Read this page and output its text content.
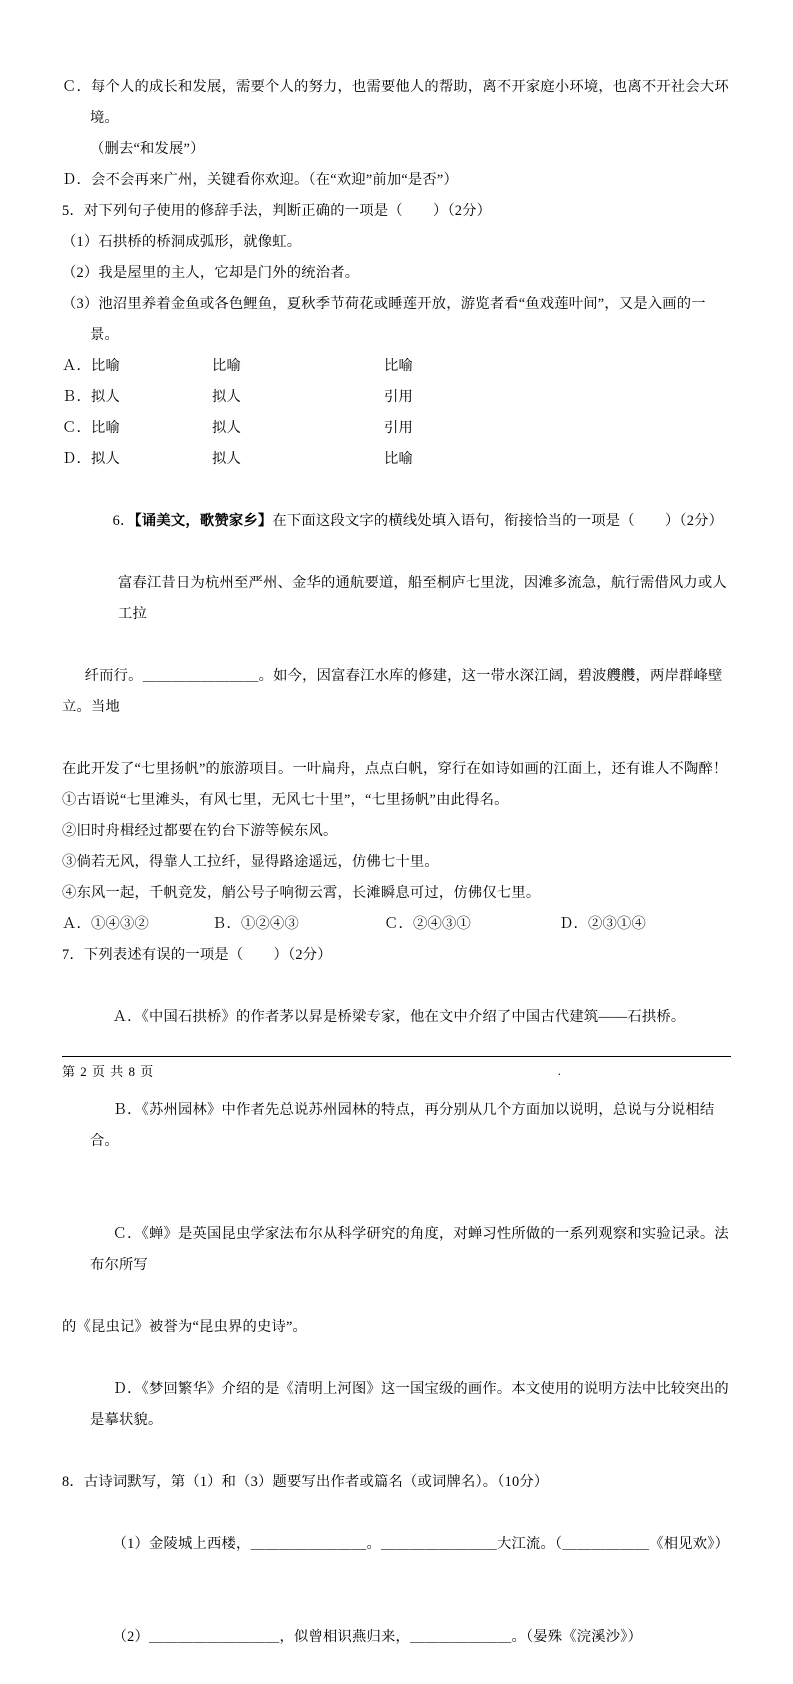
Ｃ．每个人的成长和发展，需要个人的努力，也需要他人的帮助，离不开家庭小环境，也离不开社会大环境。
（删去“和发展”）
Ｄ．会不会再来广州，关键看你欢迎。（在“欢迎”前加“是否”）
5．对下列句子使用的修辞手法，判断正确的一项是（        ）（2分）
（1）石拱桥的桥洞成弧形，就像虹。
（2）我是屋里的主人，它却是门外的统治者。
（3）池沼里养着金鱼或各色鲤鱼，夏秋季节荷花或睡莲开放，游览者看“鱼戏莲叶间”，又是入画的一景。
Ａ．比喻	比喻	比喻
Ｂ．拟人	拟人	引用
Ｃ．比喻	拟人	引用
Ｄ．拟人	拟人	比喻

6．【诵美文，歌赞家乡】在下面这段文字的横线处填入语句，衔接恰当的一项是（        ）（2分）

富春江昔日为杭州至严州、金华的通航要道，船至桐庐七里泷，因滩多流急，航行需借风力或人工拉

纤而行。＿＿＿＿＿＿＿＿。如今，因富春江水库的修建，这一带水深江阔，碧波艭艭，两岸群峰壁立。当地

在此开发了“七里扬帆”的旅游项目。一叶扁舟，点点白帆，穿行在如诗如画的江面上，还有谁人不陶醉！
①古语说“七里滩头，有风七里，无风七十里”，“七里扬帆”由此得名。
②旧时舟楫经过都要在钓台下游等候东风。
③倘若无风，得靠人工拉纤，显得路途遥远，仿佛七十里。
④东风一起，千帆竞发，艄公号子响彻云霄，长滩瞬息可过，仿佛仅七里。
Ａ．①④③②	Ｂ．①②④③	Ｃ．②④③①	Ｄ．②③①④
7．下列表述有误的一项是（        ）（2分）

Ａ．《中国石拱桥》的作者茅以昇是桥梁专家，他在文中介绍了中国古代建筑——石拱桥。

Ｂ．《苏州园林》中作者先总说苏州园林的特点，再分别从几个方面加以说明，总说与分说相结合。

Ｃ．《蝉》是英国昆虫学家法布尔从科学研究的角度，对蝉习性所做的一系列观察和实验记录。法布尔所写

的《昆虫记》被誉为“昆虫界的史诗”。

Ｄ．《梦回繁华》介绍的是《清明上河图》这一国宝级的画作。本文使用的说明方法中比较突出的是摹状貌。

8．古诗词默写，第（1）和（3）题要写出作者或篇名（或词牌名）。（10分）

（1）金陵城上西楼，＿＿＿＿＿＿＿＿。＿＿＿＿＿＿＿＿大江流。（＿＿＿＿＿＿《相见欢》）

（2）＿＿＿＿＿＿＿＿＿，似曾相识燕归来，＿＿＿＿＿＿＿。（晏殊《浣溪沙》）

第 2 页 共 8 页	.
